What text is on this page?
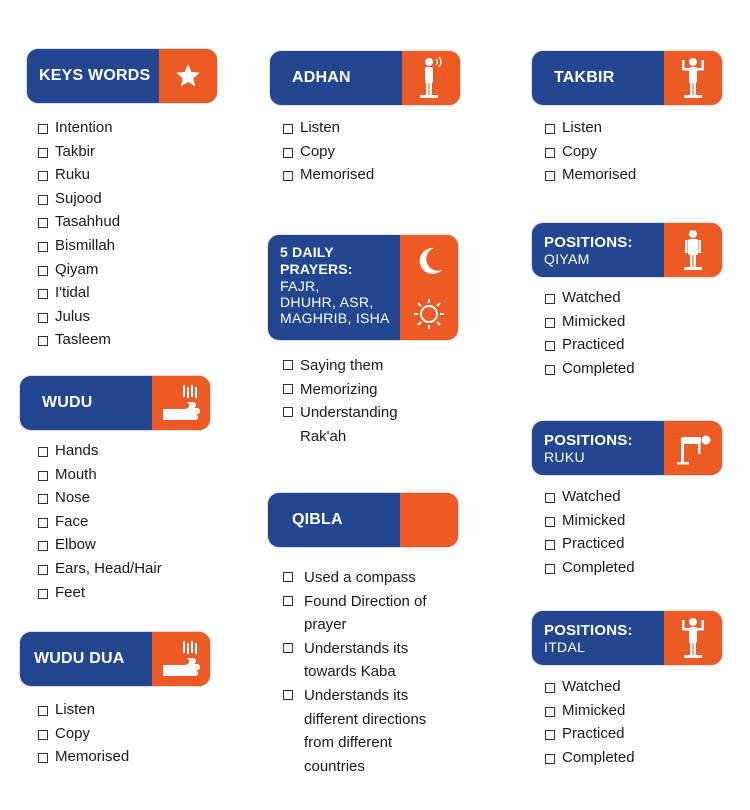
KEYS WORDS
Intention
Takbir
Ruku
Sujood
Tasahhud
Bismillah
Qiyam
I'tidal
Julus
Tasleem
WUDU
Hands
Mouth
Nose
Face
Elbow
Ears, Head/Hair
Feet
WUDU DUA
Listen
Copy
Memorised
ADHAN
Listen
Copy
Memorised
5 DAILY
PRAYERS:
FAJR,
DHUHR, ASR,
MAGHRIB, ISHA
Saying them
Memorizing
Understanding Rak'ah
QIBLA
Used a compass
Found Direction of prayer
Understands its towards Kaba
Understands its different directions from different countries
TAKBIR
Listen
Copy
Memorised
POSITIONS:
QIYAM
Watched
Mimicked
Practiced
Completed
POSITIONS:
RUKU
Watched
Mimicked
Practiced
Completed
POSITIONS:
ITDAL
Watched
Mimicked
Practiced
Completed
